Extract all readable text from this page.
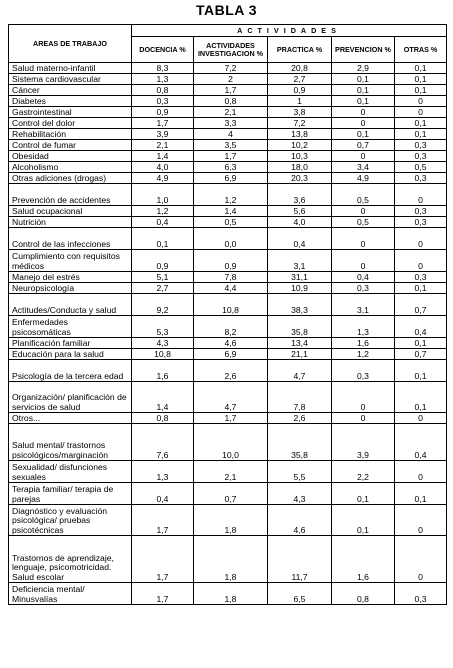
TABLA 3
AREAS DE TRABAJO	ACTIVIDADES				
	DOCENCIA %	ACTIVIDADES INVESTIGACION %	PRACTICA %	PREVENCION %	OTRAS %
Salud materno-infantil	8,3	7,2	20,8	2,9	0,1
Sistema cardiovascular	1,3	2	2,7	0,1	0,1
Cáncer	0,8	1,7	0,9	0,1	0,1
Diabetes	0,3	0,8	1	0,1	0
Gastrointestinal	0,9	2,1	3,8	0	0
Control del dolor	1,7	3,3	7,2	0	0,1
Rehabilitación	3,9	4	13,8	0,1	0,1
Control de fumar	2,1	3,5	10,2	0,7	0,3
Obesidad	1,4	1,7	10,3	0	0,3
Alcoholismo	4,0	6,3	18,0	3,4	0,5
Otras adiciones (drogas)	4,9	6,9	20,3	4,9	0,3
Prevención de accidentes	1,0	1,2	3,6	0,5	0
Salud ocupacional	1,2	1,4	5,6	0	0,3
Nutrición	0,4	0,5	4,0	0,5	0,3
Control de las infecciones	0,1	0,0	0,4	0	0
Cumplimiento con requisitos médicos	0,9	0,9	3,1	0	0
Manejo del estrés	5,1	7,8	31,1	0,4	0,3
Neuropsicología	2,7	4,4	10,9	0,3	0,1
Actitudes/Conducta y salud	9,2	10,8	38,3	3,1	0,7
Enfermedades psicosomáticas	5,3	8,2	35,8	1,3	0,4
Planificación familiar	4,3	4,6	13,4	1,6	0,1
Educación para la salud	10,8	6,9	21,1	1,2	0,7
Psicología de la tercera edad	1,6	2,6	4,7	0,3	0,1
Organización/ planificación de servicios de salud	1,4	4,7	7,8	0	0,1
Otros...	0,8	1,7	2,6	0	0
Salud mental/ trastornos psicológicos/marginación	7,6	10,0	35,8	3,9	0,4
Sexualidad/ disfunciones sexuales	1,3	2,1	5,5	2,2	0
Terapia familiar/ terapia de parejas	0,4	0,7	4,3	0,1	0,1
Diagnóstico y evaluación psicológica/ pruebas psicotécnicas	1,7	1,8	4,6	0,1	0
Trastornos de aprendizaje, lenguaje, psicomotricidad. Salud escolar	1,7	1,8	11,7	1,6	0
Deficiencia mental/ Minusvalías	1,7	1,8	6,5	0,8	0,3
